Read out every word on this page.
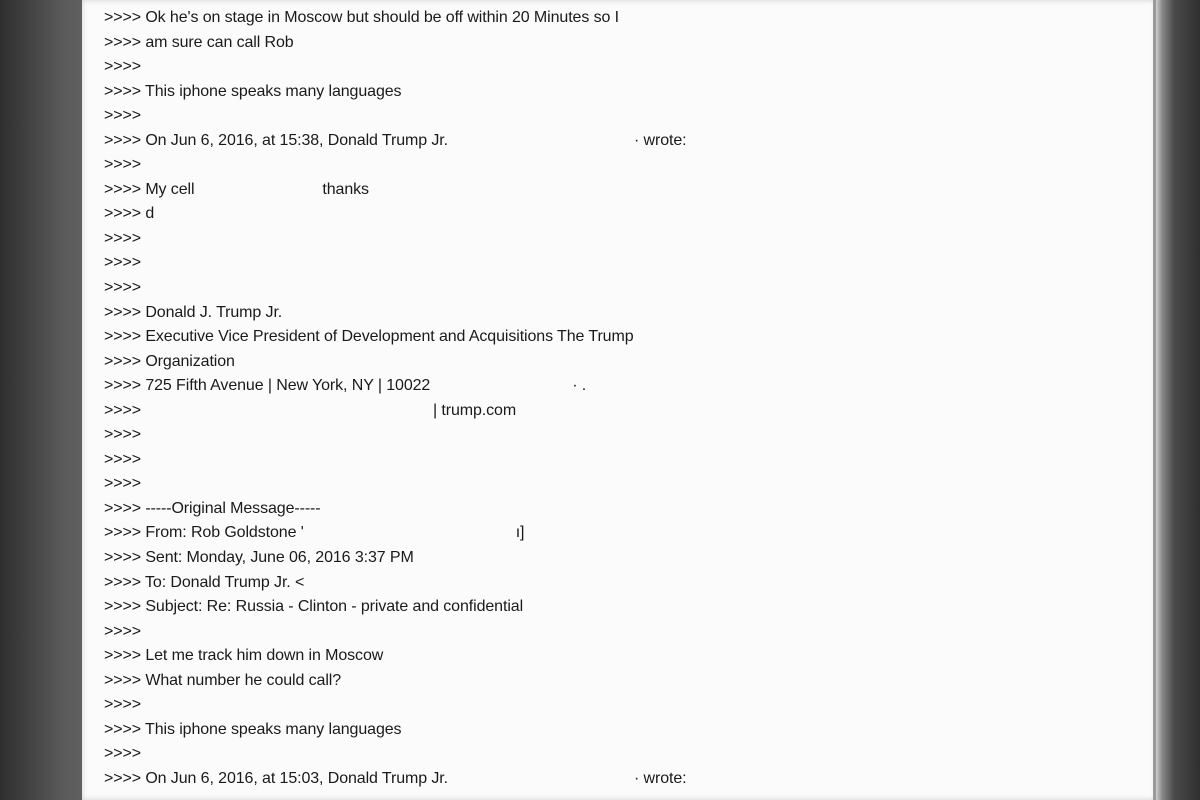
>>>> Ok he's on stage in Moscow but should be off within 20 Minutes so I
>>>> am sure can call Rob
>>>>
>>>> This iphone speaks many languages
>>>>
>>>> On Jun 6, 2016, at 15:38, Donald Trump Jr.	· wrote:
>>>>
>>>> My cell	thanks
>>>> d
>>>>
>>>>
>>>>
>>>> Donald J. Trump Jr.
>>>> Executive Vice President of Development and Acquisitions The Trump
>>>> Organization
>>>> 725 Fifth Avenue | New York, NY | 10022	· .
>>>>	| trump.com
>>>>
>>>>
>>>>
>>>> -----Original Message-----
>>>> From: Rob Goldstone '	ı]
>>>> Sent: Monday, June 06, 2016 3:37 PM
>>>> To: Donald Trump Jr. <
>>>> Subject: Re: Russia - Clinton - private and confidential
>>>>
>>>> Let me track him down in Moscow
>>>> What number he could call?
>>>>
>>>> This iphone speaks many languages
>>>>
>>>> On Jun 6, 2016, at 15:03, Donald Trump Jr.	· wrote:
